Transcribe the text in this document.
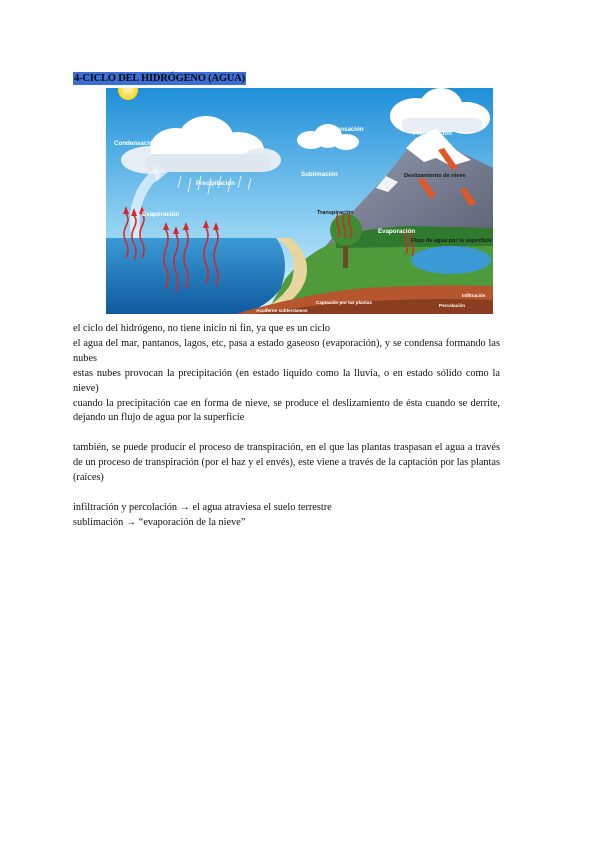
4-CICLO DEL HIDRÓGENO (AGUA)
Condensación
Precipitación
Evaporación
Condensación
Precipitación
Sublimación
Evaporación
Deslizamiento de nieve
Transpiración
Flujo de agua por la superficie
Captación por las plantas
Acuíferos subterráneos
Infiltración
Percolación

el ciclo del hidrógeno, no tiene inicio ni fin, ya que es un ciclo

el agua del mar, pantanos, lagos, etc, pasa a estado gaseoso (evaporación), y se condensa formando las nubes

estas nubes provocan la precipitación (en estado líquido como la lluvia, o en estado sólido como la nieve)

cuando la precipitación cae en forma de nieve, se produce el deslizamiento de ésta cuando se derrite, dejando un flujo de agua por la superficie

también, se puede producir el proceso de transpiración, en el que las plantas traspasan el agua a través de un proceso de transpiración (por el haz y el envés), este viene a través de la captación por las plantas (raíces)

infiltración y percolación → el agua atraviesa el suelo terrestre

sublimación → “evaporación de la nieve”
